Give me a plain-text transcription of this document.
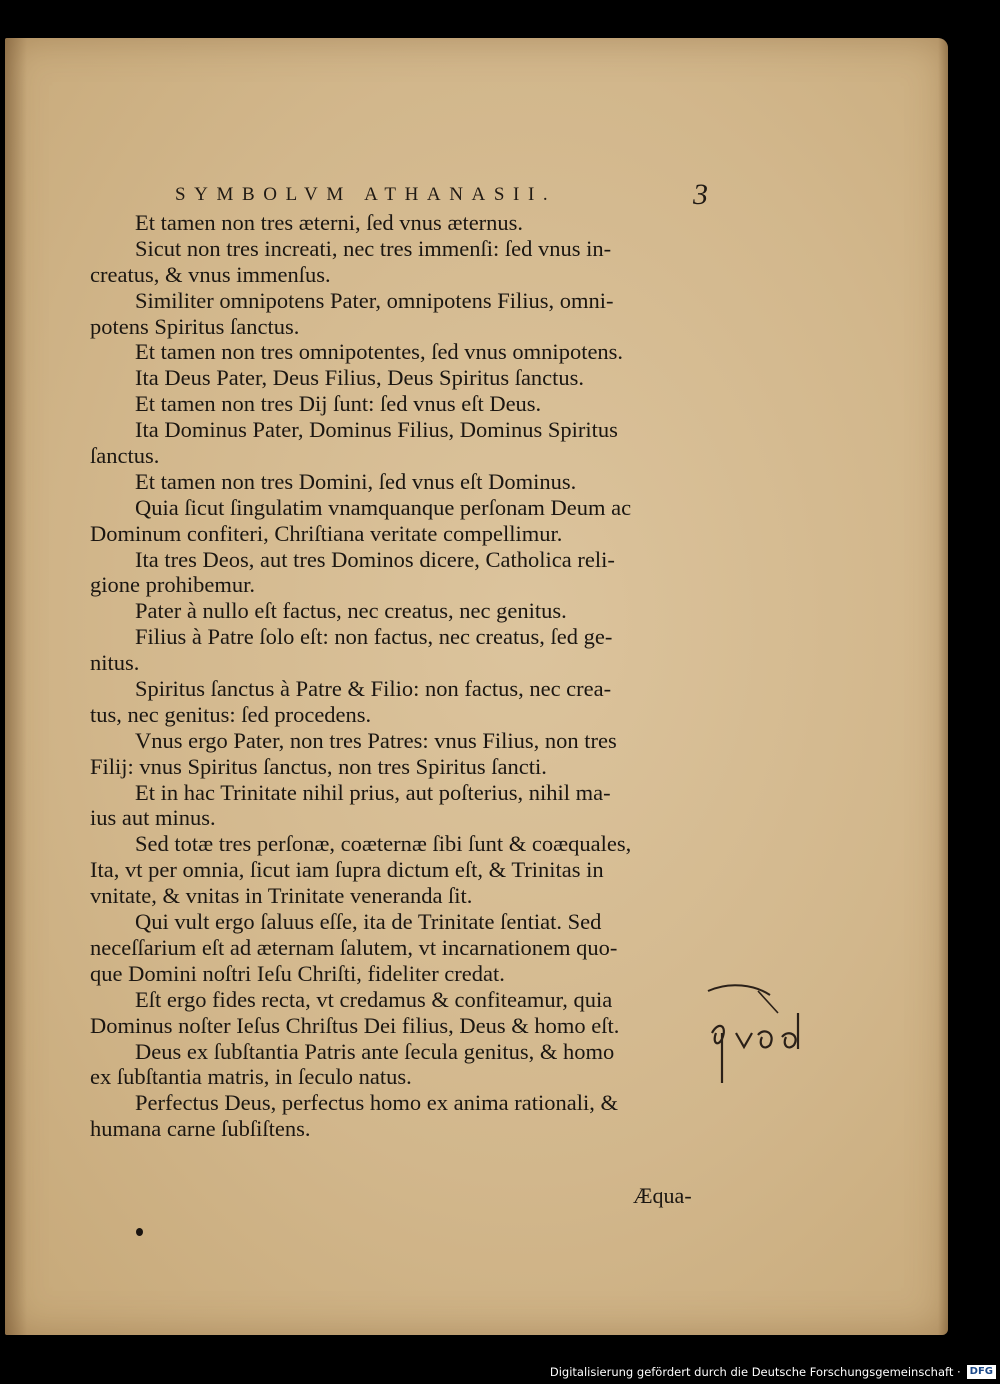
SYMBOLVM ATHANASII.	3
Et tamen non tres æterni, ſed vnus æternus.
Sicut non tres increati, nec tres immenſi: ſed vnus in-
creatus, & vnus immenſus.
Similiter omnipotens Pater, omnipotens Filius, omni-
potens Spiritus ſanctus.
Et tamen non tres omnipotentes, ſed vnus omnipotens.
Ita Deus Pater, Deus Filius, Deus Spiritus ſanctus.
Et tamen non tres Dij ſunt: ſed vnus eſt Deus.
Ita Dominus Pater, Dominus Filius, Dominus Spiritus
ſanctus.
Et tamen non tres Domini, ſed vnus eſt Dominus.
Quia ſicut ſingulatim vnamquanque perſonam Deum ac
Dominum confiteri, Chriſtiana veritate compellimur.
Ita tres Deos, aut tres Dominos dicere, Catholica reli-
gione prohibemur.
Pater à nullo eſt factus, nec creatus, nec genitus.
Filius à Patre ſolo eſt: non factus, nec creatus, ſed ge-
nitus.
Spiritus ſanctus à Patre & Filio: non factus, nec crea-
tus, nec genitus: ſed procedens.
Vnus ergo Pater, non tres Patres: vnus Filius, non tres
Filij: vnus Spiritus ſanctus, non tres Spiritus ſancti.
Et in hac Trinitate nihil prius, aut poſterius, nihil ma-
ius aut minus.
Sed totæ tres perſonæ, coæternæ ſibi ſunt & coæquales,
Ita, vt per omnia, ſicut iam ſupra dictum eſt, & Trinitas in
vnitate, & vnitas in Trinitate veneranda ſit.
Qui vult ergo ſaluus eſſe, ita de Trinitate ſentiat. Sed
neceſſarium eſt ad æternam ſalutem, vt incarnationem quo-
que Domini noſtri Ieſu Chriſti, fideliter credat.
Eſt ergo fides recta, vt credamus & confiteamur, quia
Dominus noſter Ieſus Chriſtus Dei filius, Deus & homo eſt.
Deus ex ſubſtantia Patris ante ſecula genitus, & homo
ex ſubſtantia matris, in ſeculo natus.
Perfectus Deus, perfectus homo ex anima rationali, &
humana carne ſubſiſtens.
Æqua-
Digitalisierung gefördert durch die Deutsche Forschungsgemeinschaft · DFG
